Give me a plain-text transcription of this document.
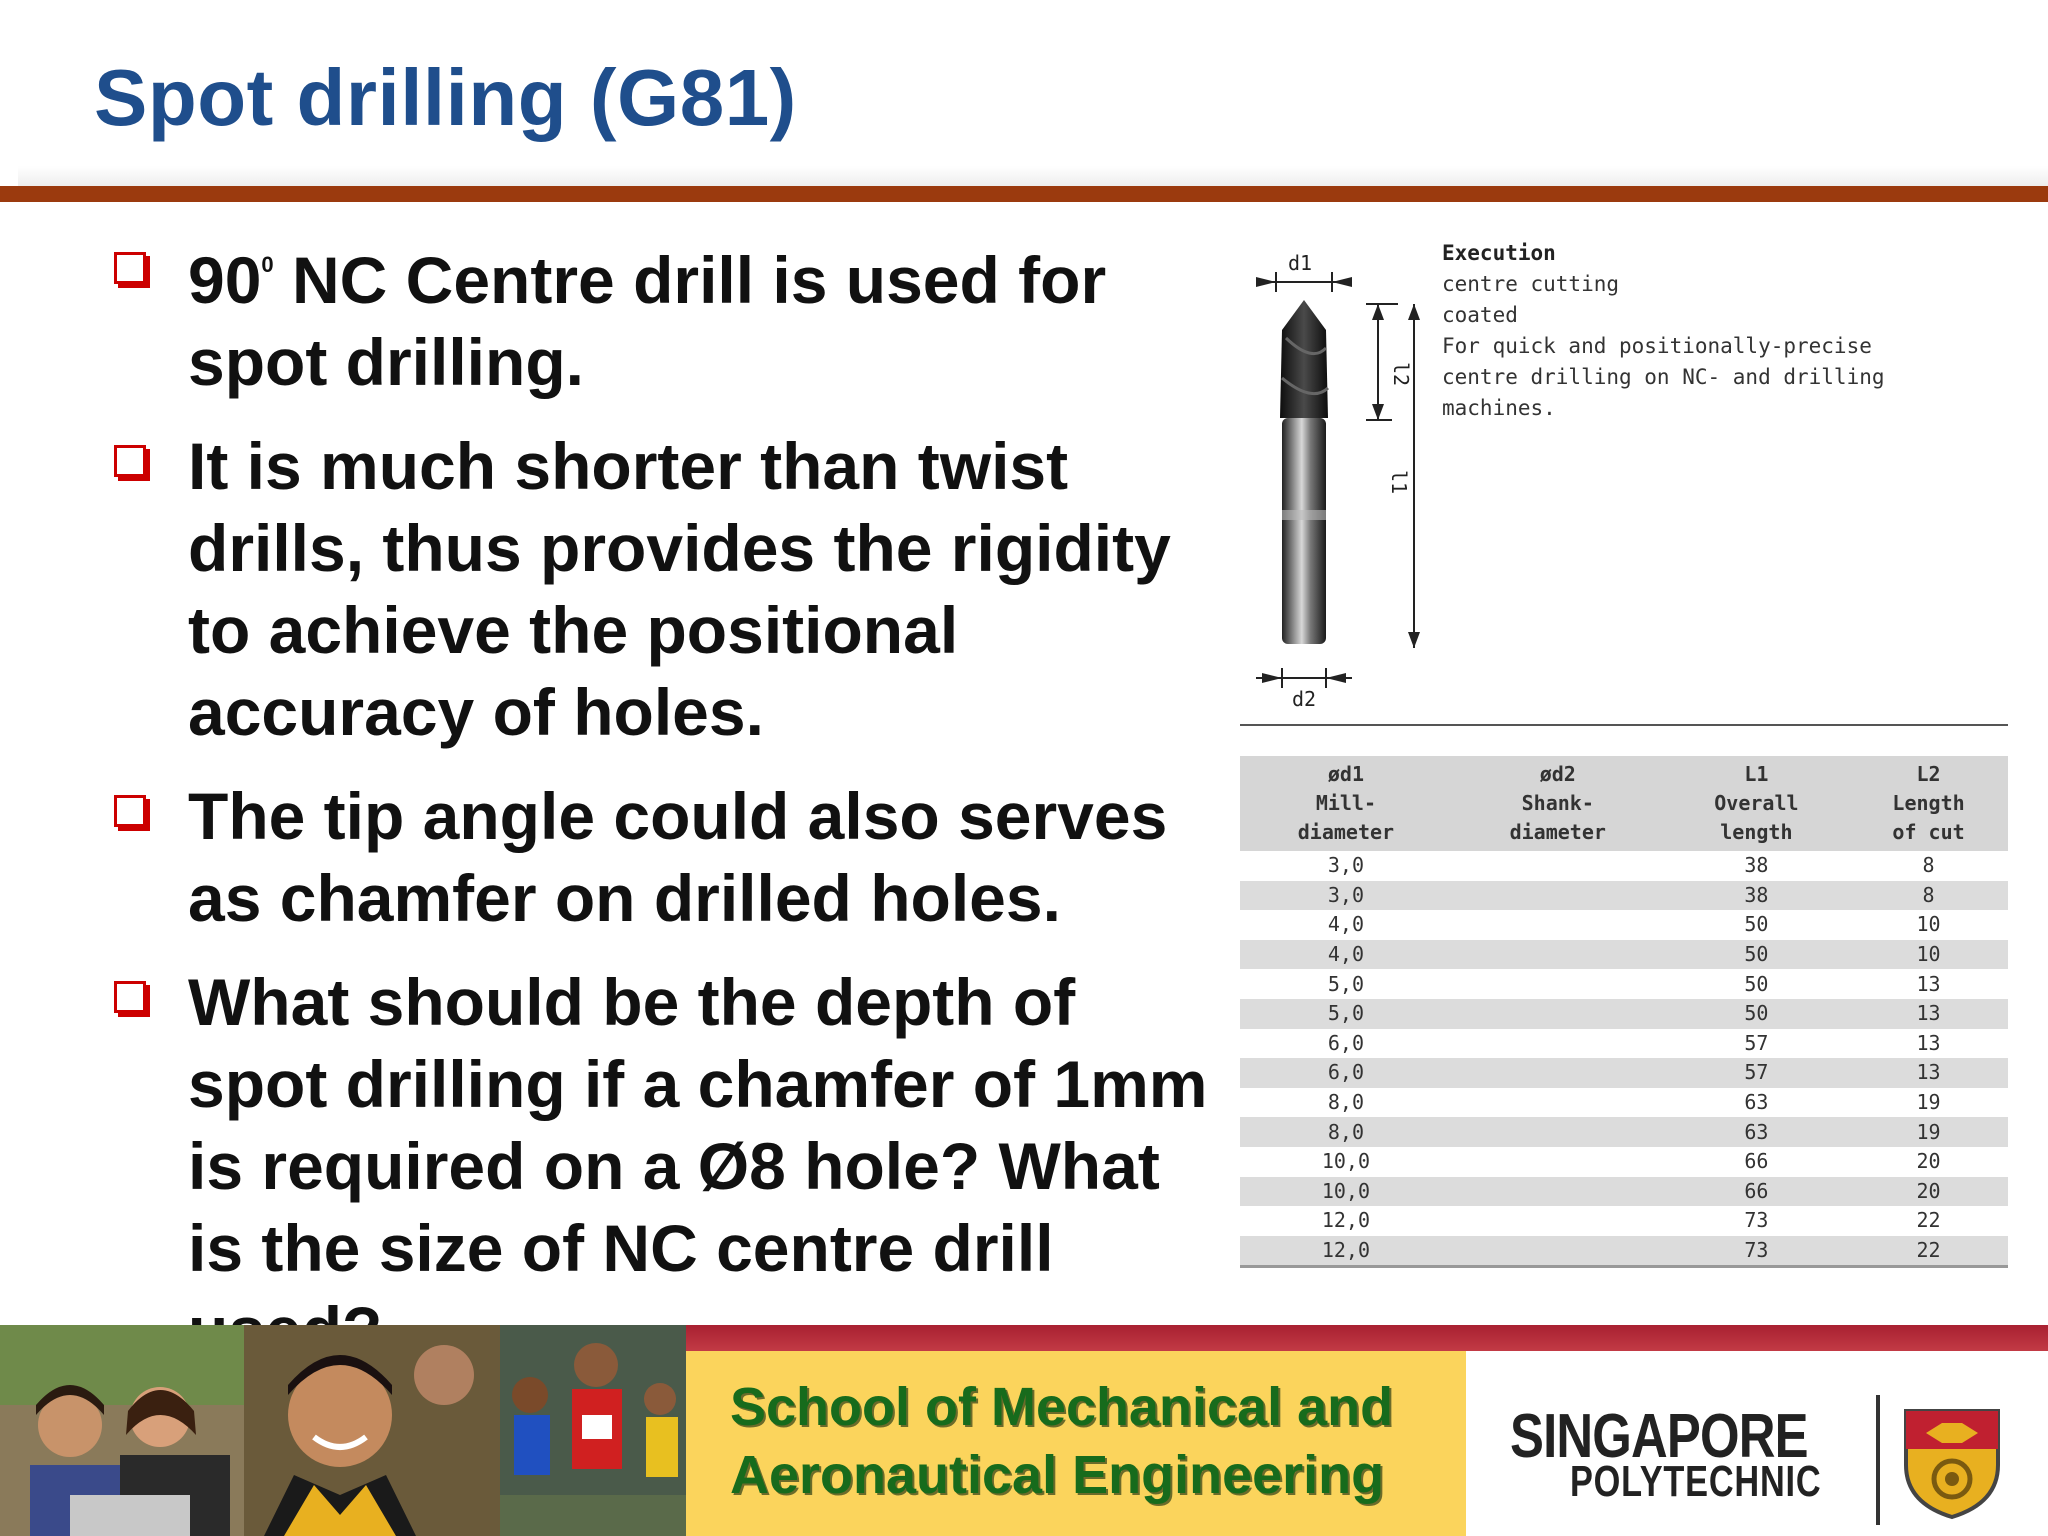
Spot drilling (G81)
$90^0$ NC Centre drill is used for spot drilling.
It is much shorter than twist drills, thus provides the rigidity to achieve the positional accuracy of holes.
The tip angle could also serves as chamfer on drilled holes.
What should be the depth of spot drilling if a chamfer of 1mm is required on a Ø8 hole? What is the size of NC centre drill
d1
l2
l1
d2
Execution
centre cutting
coated
For quick and positionally-precise
centre drilling on NC- and drilling
machines.
ød1
Mill-
diameter	ød2
Shank-
diameter	L1
Overall
length	L2
Length
of cut
3,0		38	8
3,0		38	8
4,0		50	10
4,0		50	10
5,0		50	13
5,0		50	13
6,0		57	13
6,0		57	13
8,0		63	19
8,0		63	19
10,0		66	20
10,0		66	20
12,0		73	22
12,0		73	22
School of Mechanical and
Aeronautical Engineering
SINGAPORE
POLYTECHNIC
